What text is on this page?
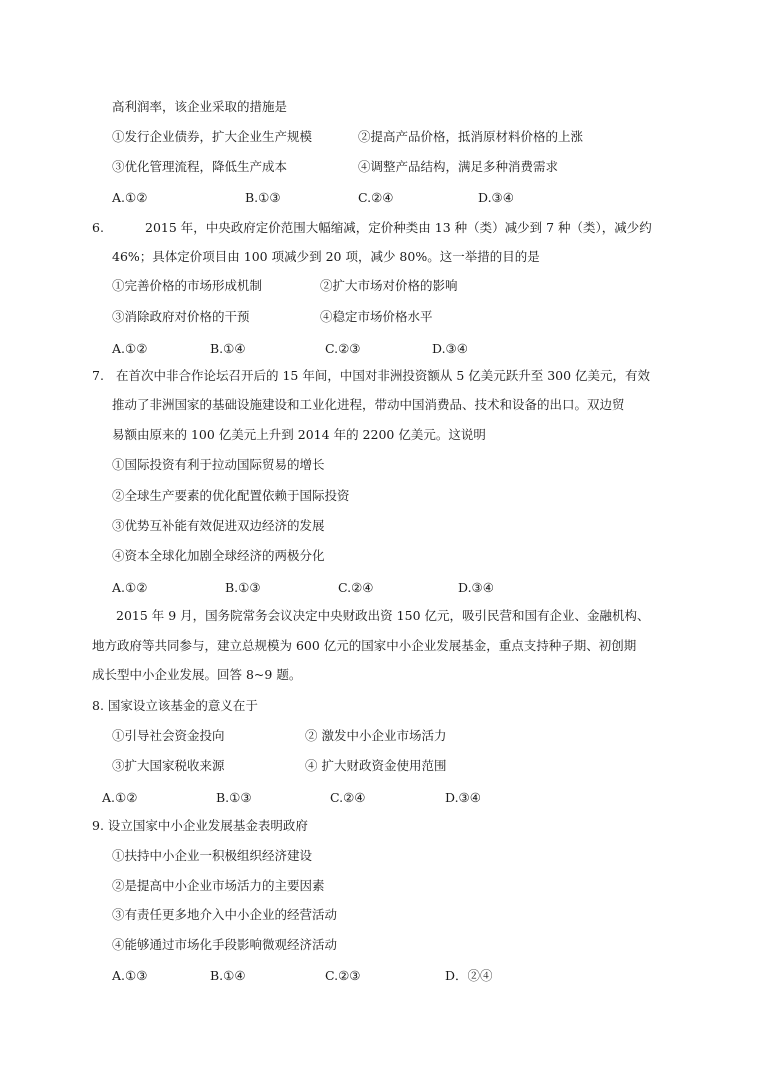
高利润率，该企业采取的措施是
①发行企业债券，扩大企业生产规模	②提高产品价格，抵消原材料价格的上涨
③优化管理流程，降低生产成本	④调整产品结构，满足多种消费需求
A.①②	B.①③	C.②④	D.③④
6.	2015 年，中央政府定价范围大幅缩减，定价种类由 13 种（类）减少到 7 种（类），减少约
46%；具体定价项目由 100 项减少到 20 项，减少 80%。这一举措的目的是
①完善价格的市场形成机制	②扩大市场对价格的影响
③消除政府对价格的干预	④稳定市场价格水平
A.①②	B.①④	C.②③	D.③④
7. 在首次中非合作论坛召开后的 15 年间，中国对非洲投资额从 5 亿美元跃升至 300 亿美元，有效
推动了非洲国家的基础设施建设和工业化进程，带动中国消费品、技术和设备的出口。双边贸
易额由原来的 100 亿美元上升到 2014 年的 2200 亿美元。这说明
①国际投资有利于拉动国际贸易的增长
②全球生产要素的优化配置依赖于国际投资
③优势互补能有效促进双边经济的发展
④资本全球化加剧全球经济的两极分化
A.①②	B.①③	C.②④	D.③④
2015 年 9 月，国务院常务会议决定中央财政出资 150 亿元，吸引民营和国有企业、金融机构、
地方政府等共同参与，建立总规模为 600 亿元的国家中小企业发展基金，重点支持种子期、初创期
成长型中小企业发展。回答 8~9 题。
8. 国家设立该基金的意义在于
①引导社会资金投向	② 激发中小企业市场活力
③扩大国家税收来源	④ 扩大财政资金使用范围
A.①②	B.①③	C.②④	D.③④
9. 设立国家中小企业发展基金表明政府
①扶持中小企业一积极组织经济建设
②是提高中小企业市场活力的主要因素
③有责任更多地介入中小企业的经营活动
④能够通过市场化手段影响微观经济活动
A.①③	B.①④	C.②③	D．②④
